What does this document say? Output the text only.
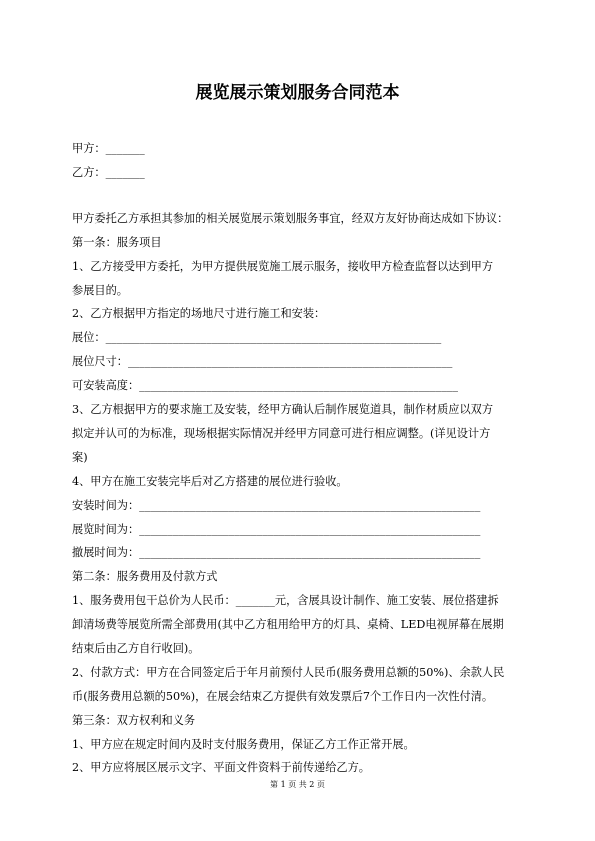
展览展示策划服务合同范本
甲方：_______
乙方：_______
甲方委托乙方承担其参加的相关展览展示策划服务事宜，经双方友好协商达成如下协议：
第一条：服务项目
1、乙方接受甲方委托，为甲方提供展览施工展示服务，接收甲方检查监督以达到甲方
参展目的。
2、乙方根据甲方指定的场地尺寸进行施工和安装：
展位：____________________________________________________________
展位尺寸：__________________________________________________________
可安装高度：_________________________________________________________
3、乙方根据甲方的要求施工及安装，经甲方确认后制作展览道具，制作材质应以双方
拟定并认可的为标准，现场根据实际情况并经甲方同意可进行相应调整。(详见设计方
案)
4、甲方在施工安装完毕后对乙方搭建的展位进行验收。
安装时间为：_____________________________________________________________
展览时间为：_____________________________________________________________
撤展时间为：_____________________________________________________________
第二条：服务费用及付款方式
1、服务费用包干总价为人民币：_______元，含展具设计制作、施工安装、展位搭建拆
卸清场费等展览所需全部费用(其中乙方租用给甲方的灯具、桌椅、LED电视屏幕在展期
结束后由乙方自行收回)。
2、付款方式：甲方在合同签定后于年月前预付人民币(服务费用总额的50%)、余款人民
币(服务费用总额的50%)，在展会结束乙方提供有效发票后7个工作日内一次性付清。
第三条：双方权利和义务
1、甲方应在规定时间内及时支付服务费用，保证乙方工作正常开展。
2、甲方应将展区展示文字、平面文件资料于前传递给乙方。
第 1 页 共 2 页
